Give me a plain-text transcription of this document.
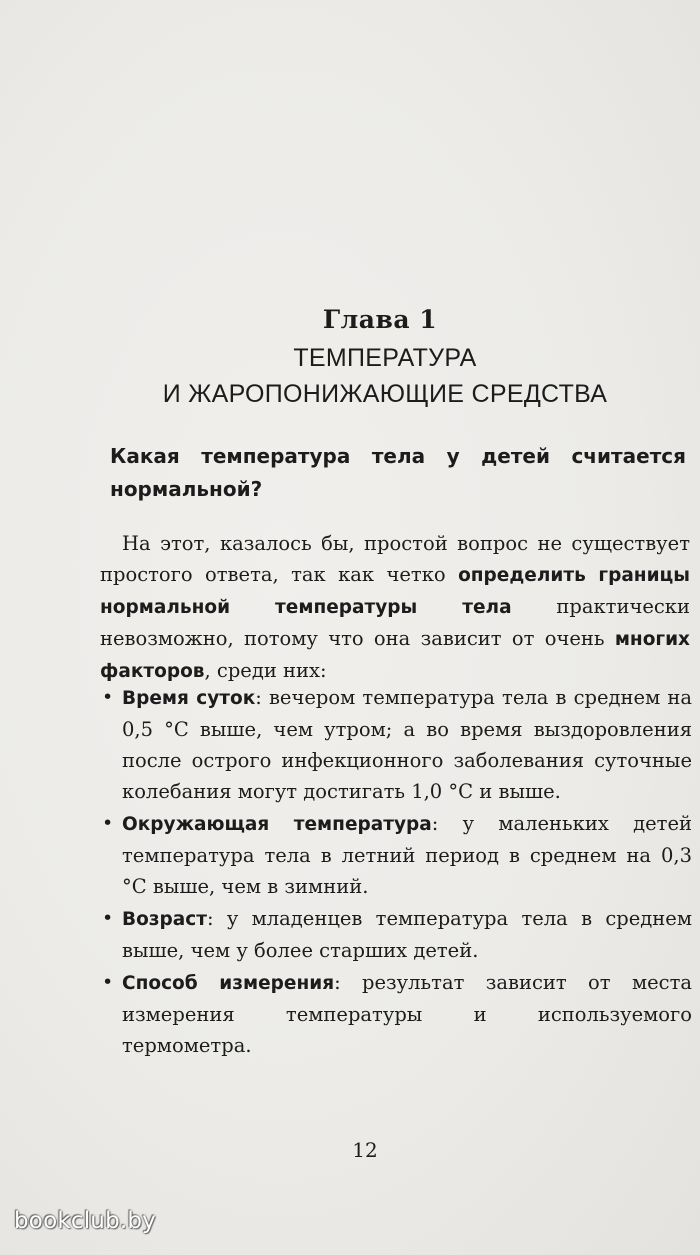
Глава 1
ТЕМПЕРАТУРА
И ЖАРОПОНИЖАЮЩИЕ СРЕДСТВА
Какая температура тела у детей считается нормальной?

На этот, казалось бы, простой вопрос не существует простого ответа, так как четко определить границы нормальной температуры тела практически невозможно, потому что она зависит от очень многих факторов, среди них:

• Время суток: вечером температура тела в среднем на 0,5 °С выше, чем утром; а во время выздоровления после острого инфекционного заболевания суточные колебания могут достигать 1,0 °С и выше.
• Окружающая температура: у маленьких детей температура тела в летний период в среднем на 0,3 °С выше, чем в зимний.
• Возраст: у младенцев температура тела в среднем выше, чем у более старших детей.
• Способ измерения: результат зависит от места измерения температуры и используемого термометра.
12
bookclub.by
